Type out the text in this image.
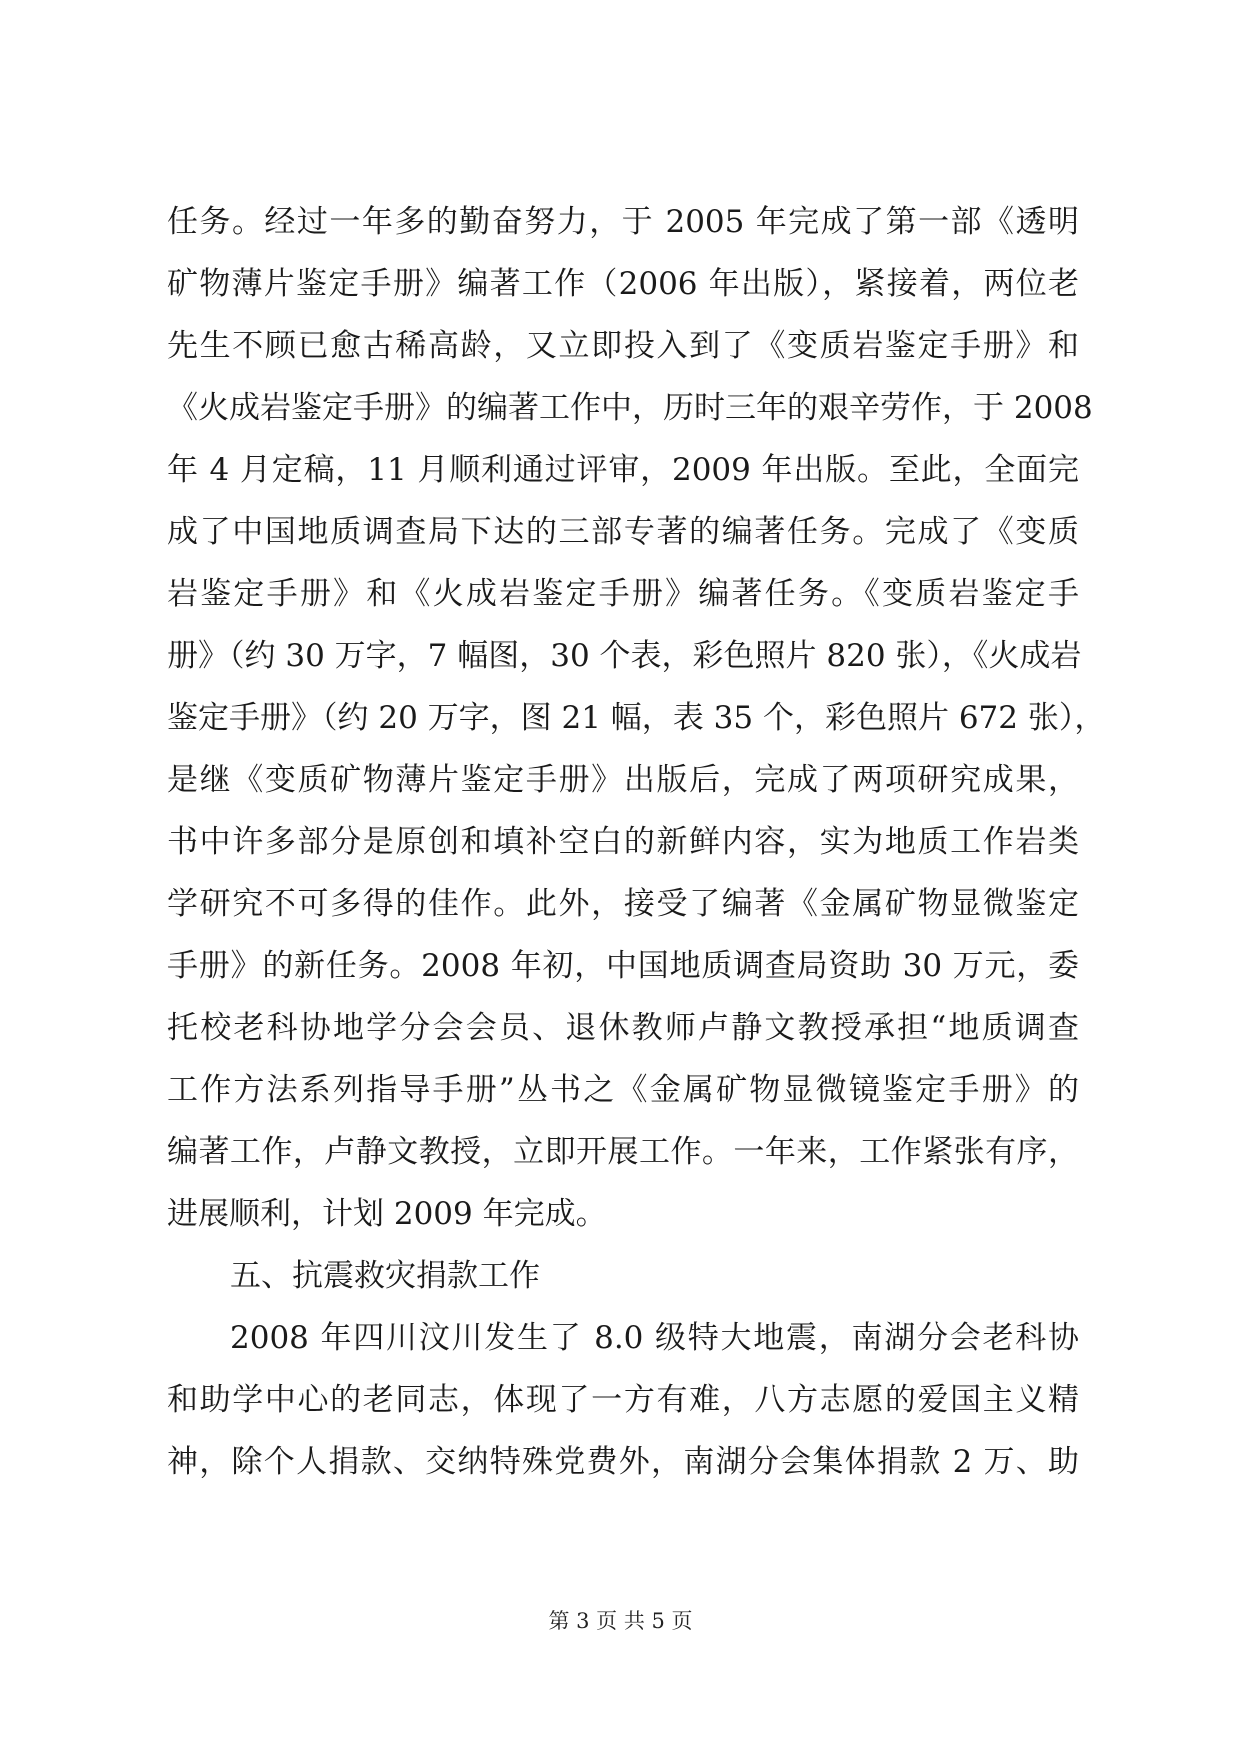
任务。经过一年多的勤奋努力，于 2005 年完成了第一部《透明
矿物薄片鉴定手册》编著工作（2006 年出版），紧接着，两位老
先生不顾已愈古稀高龄，又立即投入到了《变质岩鉴定手册》和
《火成岩鉴定手册》的编著工作中，历时三年的艰辛劳作，于 2008
年 4 月定稿，11 月顺利通过评审，2009 年出版。至此，全面完
成了中国地质调查局下达的三部专著的编著任务。完成了《变质
岩鉴定手册》和《火成岩鉴定手册》编著任务。《变质岩鉴定手
册》（约 30 万字，7 幅图，30 个表，彩色照片 820 张），《火成岩
鉴定手册》（约 20 万字，图 21 幅，表 35 个，彩色照片 672 张），
是继《变质矿物薄片鉴定手册》出版后，完成了两项研究成果，
书中许多部分是原创和填补空白的新鲜内容，实为地质工作岩类
学研究不可多得的佳作。此外，接受了编著《金属矿物显微鉴定
手册》的新任务。2008 年初，中国地质调查局资助 30 万元，委
托校老科协地学分会会员、退休教师卢静文教授承担“地质调查
工作方法系列指导手册”丛书之《金属矿物显微镜鉴定手册》的
编著工作，卢静文教授，立即开展工作。一年来，工作紧张有序，
进展顺利，计划 2009 年完成。
五、抗震救灾捐款工作
2008 年四川汶川发生了 8.0 级特大地震，南湖分会老科协
和助学中心的老同志，体现了一方有难，八方志愿的爱国主义精
神，除个人捐款、交纳特殊党费外，南湖分会集体捐款 2 万、助
第 3 页 共 5 页
